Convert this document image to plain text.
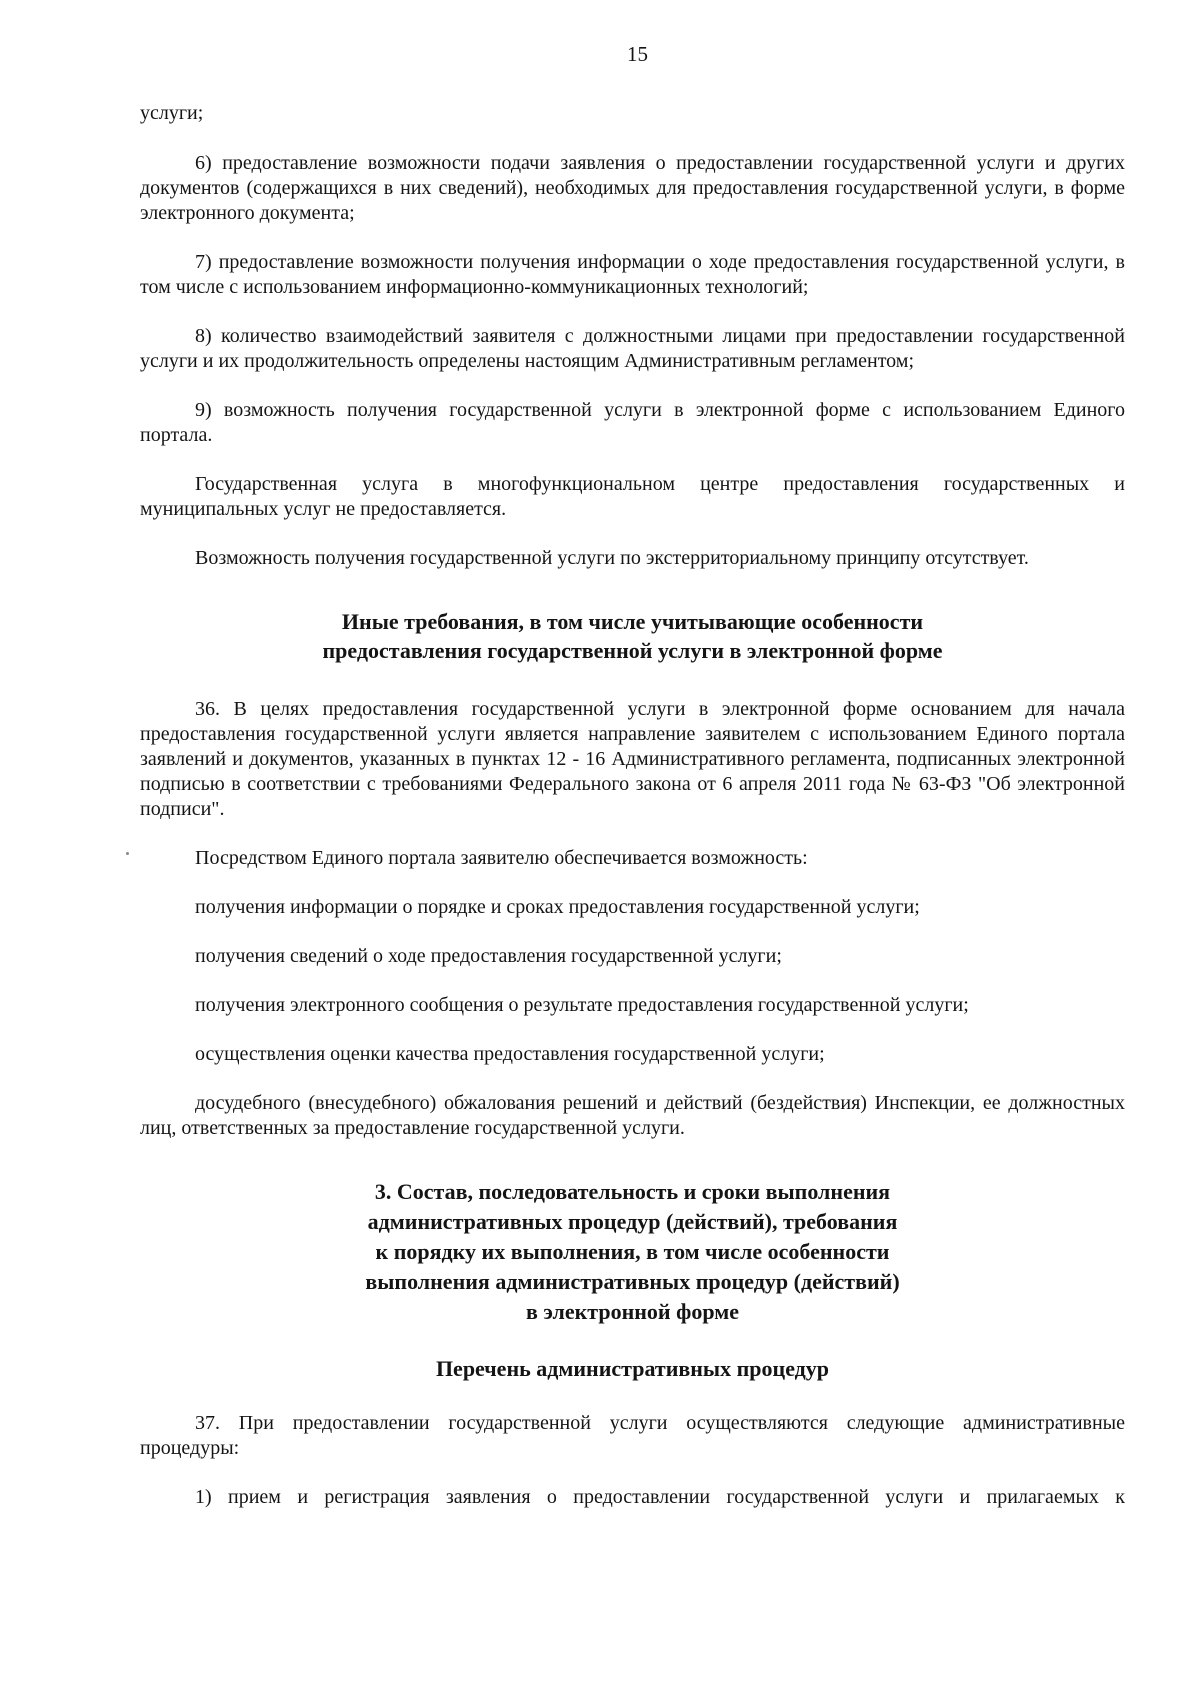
15

услуги;

6) предоставление возможности подачи заявления о предоставлении государственной услуги и других документов (содержащихся в них сведений), необходимых для предоставления государственной услуги, в форме электронного документа;

7) предоставление возможности получения информации о ходе предоставления государственной услуги, в том числе с использованием информационно-коммуникационных технологий;

8) количество взаимодействий заявителя с должностными лицами при предоставлении государственной услуги и их продолжительность определены настоящим Административным регламентом;

9) возможность получения государственной услуги в электронной форме с использованием Единого портала.

Государственная услуга в многофункциональном центре предоставления государственных и муниципальных услуг не предоставляется.

Возможность получения государственной услуги по экстерриториальному принципу отсутствует.

Иные требования, в том числе учитывающие особенности
предоставления государственной услуги в электронной форме

36. В целях предоставления государственной услуги в электронной форме основанием для начала предоставления государственной услуги является направление заявителем с использованием Единого портала заявлений и документов, указанных в пунктах 12 - 16 Административного регламента, подписанных электронной подписью в соответствии с требованиями Федерального закона от 6 апреля 2011 года № 63-ФЗ "Об электронной подписи".

Посредством Единого портала заявителю обеспечивается возможность:

получения информации о порядке и сроках предоставления государственной услуги;

получения сведений о ходе предоставления государственной услуги;

получения электронного сообщения о результате предоставления государственной услуги;

осуществления оценки качества предоставления государственной услуги;

досудебного (внесудебного) обжалования решений и действий (бездействия) Инспекции, ее должностных лиц, ответственных за предоставление государственной услуги.

3. Состав, последовательность и сроки выполнения
административных процедур (действий), требования
к порядку их выполнения, в том числе особенности
выполнения административных процедур (действий)
в электронной форме
Перечень административных процедур

37. При предоставлении государственной услуги осуществляются следующие административные процедуры:

1) прием и регистрация заявления о предоставлении государственной услуги и прилагаемых к
